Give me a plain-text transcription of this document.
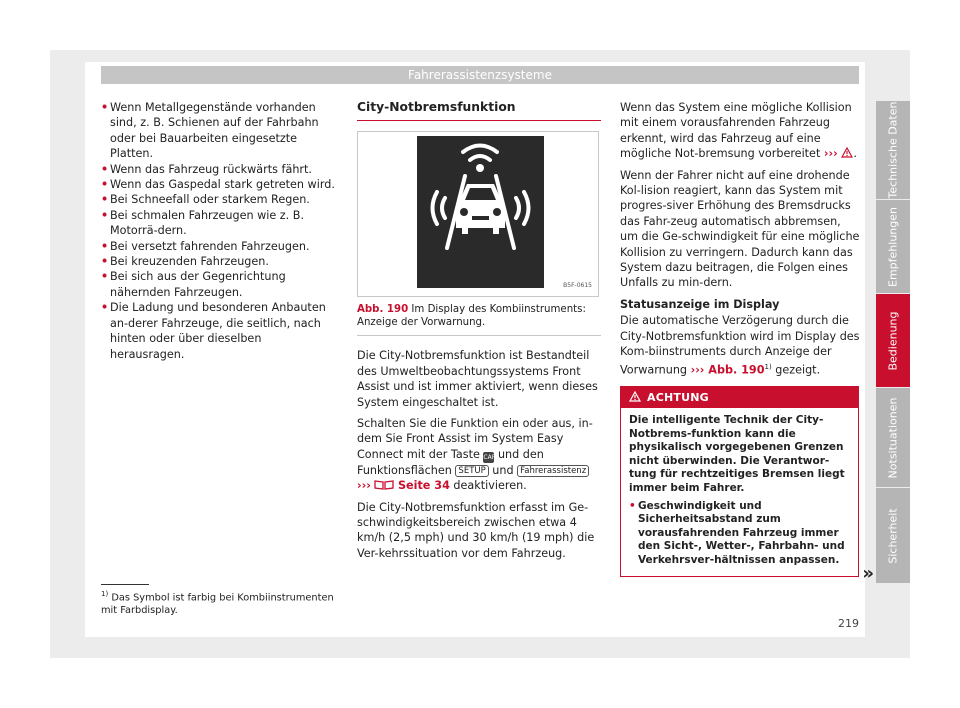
Fahrerassistenzsysteme
• Wenn Metallgegenstände vorhanden sind, z. B. Schienen auf der Fahrbahn oder bei Bauarbeiten eingesetzte Platten.
• Wenn das Fahrzeug rückwärts fährt.
• Wenn das Gaspedal stark getreten wird.
• Bei Schneefall oder starkem Regen.
• Bei schmalen Fahrzeugen wie z. B. Motorrä-dern.
• Bei versetzt fahrenden Fahrzeugen.
• Bei kreuzenden Fahrzeugen.
• Bei sich aus der Gegenrichtung nähernden Fahrzeugen.
• Die Ladung und besonderen Anbauten an-derer Fahrzeuge, die seitlich, nach hinten oder über dieselben herausragen.
City-Notbremsfunktion
B5F-0615
Abb. 190 Im Display des Kombiinstruments: Anzeige der Vorwarnung.

Die City-Notbremsfunktion ist Bestandteil des Umweltbeobachtungssystems Front Assist und ist immer aktiviert, wenn dieses System eingeschaltet ist.

Schalten Sie die Funktion ein oder aus, in-dem Sie Front Assist im System Easy Connect mit der Taste CAR und den Funktionsflächen SETUP und Fahrerassistenz ››› Seite 34 deaktivieren.

Die City-Notbremsfunktion erfasst im Ge-schwindigkeitsbereich zwischen etwa 4 km/h (2,5 mph) und 30 km/h (19 mph) die Ver-kehrssituation vor dem Fahrzeug.

Wenn das System eine mögliche Kollision mit einem vorausfahrenden Fahrzeug erkennt, wird das Fahrzeug auf eine mögliche Not-bremsung vorbereitet ››› .

Wenn der Fahrer nicht auf eine drohende Kol-lision reagiert, kann das System mit progres-siver Erhöhung des Bremsdrucks das Fahr-zeug automatisch abbremsen, um die Ge-schwindigkeit für eine mögliche Kollision zu verringern. Dadurch kann das System dazu beitragen, die Folgen eines Unfalls zu min-dern.

Statusanzeige im Display

Die automatische Verzögerung durch die City-Notbremsfunktion wird im Display des Kom-biinstruments durch Anzeige der Vorwarnung ››› Abb. 190$^{1)}$ gezeigt.

ACHTUNG

Die intelligente Technik der City-Notbrems-funktion kann die physikalisch vorgegebenen Grenzen nicht überwinden. Die Verantwor-tung für rechtzeitiges Bremsen liegt immer beim Fahrer.

• Geschwindigkeit und Sicherheitsabstand zum vorausfahrenden Fahrzeug immer den Sicht-, Wetter-, Fahrbahn- und Verkehrsver-hältnissen anpassen.
»
$^{1)}$ Das Symbol ist farbig bei Kombiinstrumenten mit Farbdisplay.
219
Technische Daten
Empfehlungen
Bedienung
Notsituationen
Sicherheit
